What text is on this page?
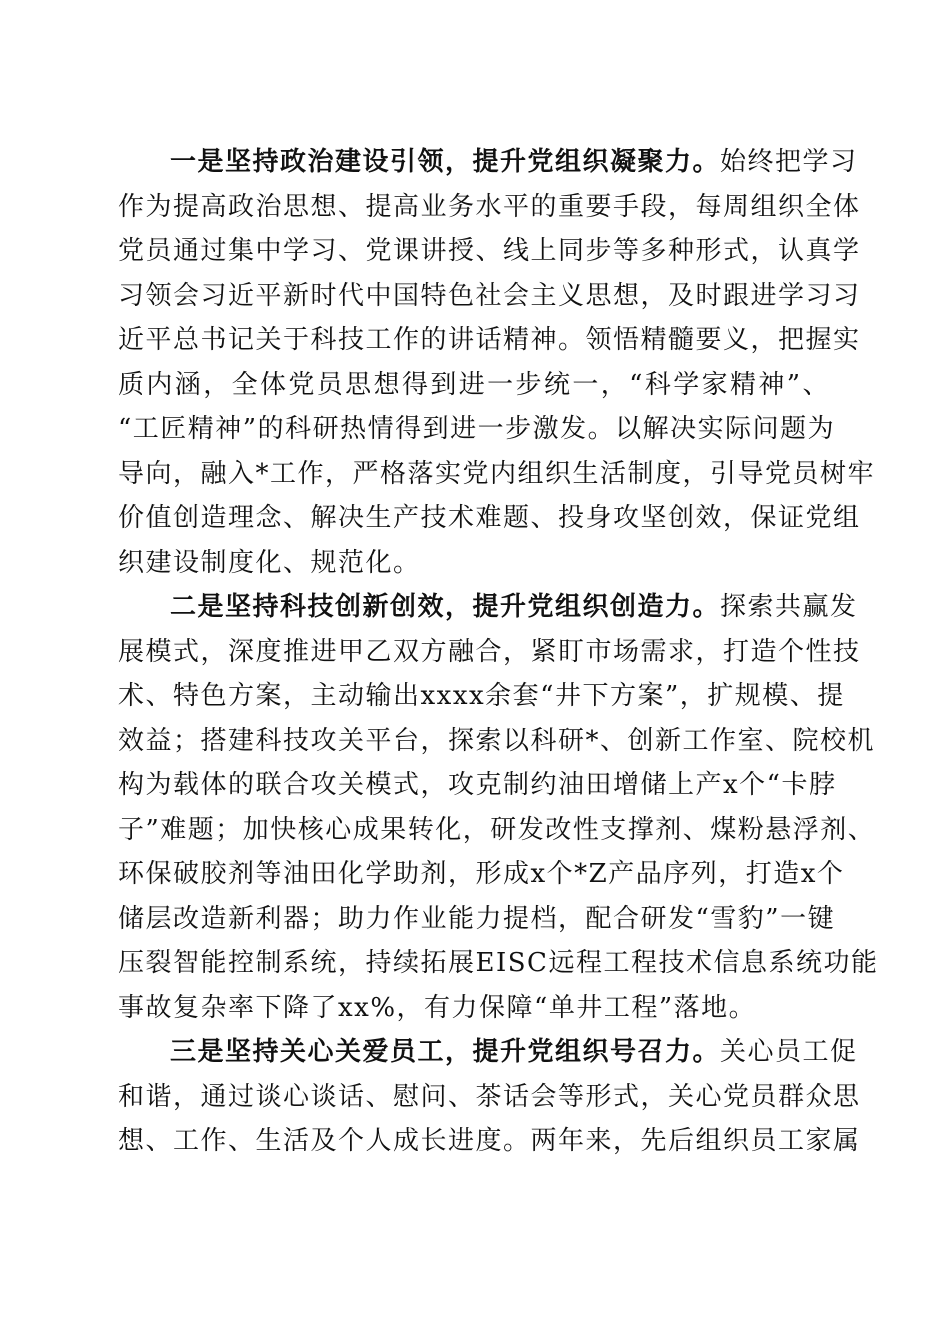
一是坚持政治建设引领，提升党组织凝聚力。始终把学习
作为提高政治思想、提高业务水平的重要手段，每周组织全体
党员通过集中学习、党课讲授、线上同步等多种形式，认真学
习领会习近平新时代中国特色社会主义思想，及时跟进学习习
近平总书记关于科技工作的讲话精神。领悟精髓要义，把握实
质内涵，全体党员思想得到进一步统一，“科学家精神”、
“工匠精神”的科研热情得到进一步激发。以解决实际问题为
导向，融入*工作，严格落实党内组织生活制度，引导党员树牢
价值创造理念、解决生产技术难题、投身攻坚创效，保证党组
织建设制度化、规范化。
二是坚持科技创新创效，提升党组织创造力。探索共赢发
展模式，深度推进甲乙双方融合，紧盯市场需求，打造个性技
术、特色方案，主动输出xxxx余套“井下方案”，扩规模、提
效益；搭建科技攻关平台，探索以科研*、创新工作室、院校机
构为载体的联合攻关模式，攻克制约油田增储上产x个“卡脖
子”难题；加快核心成果转化，研发改性支撑剂、煤粉悬浮剂、
环保破胶剂等油田化学助剂，形成x个*Z产品序列，打造x个
储层改造新利器；助力作业能力提档，配合研发“雪豹”一键
压裂智能控制系统，持续拓展EISC远程工程技术信息系统功能
事故复杂率下降了xx%，有力保障“单井工程”落地。
三是坚持关心关爱员工，提升党组织号召力。关心员工促
和谐，通过谈心谈话、慰问、茶话会等形式，关心党员群众思
想、工作、生活及个人成长进度。两年来，先后组织员工家属
